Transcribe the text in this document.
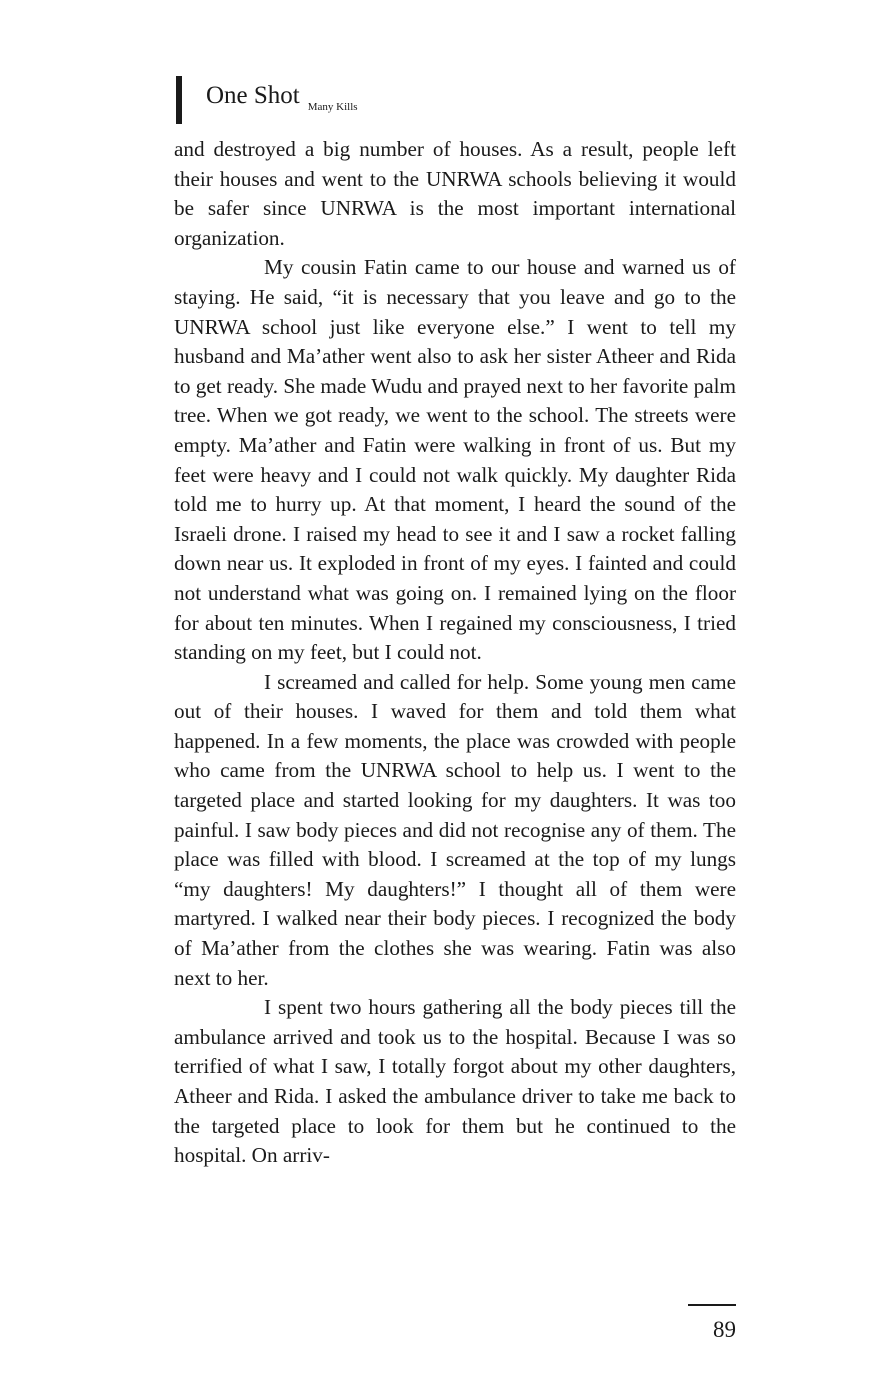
One Shot Many Kills

and destroyed a big number of houses. As a result, people left their houses and went to the UNRWA schools believing it would be safer since UNRWA is the most important international organization.

My cousin Fatin came to our house and warned us of staying. He said, “it is necessary that you leave and go to the UNRWA school just like everyone else.” I went to tell my husband and Ma’ather went also to ask her sister Atheer and Rida to get ready. She made Wudu and prayed next to her favorite palm tree. When we got ready, we went to the school. The streets were empty. Ma’ather and Fatin were walking in front of us. But my feet were heavy and I could not walk quickly. My daughter Rida told me to hurry up. At that moment, I heard the sound of the Israeli drone. I raised my head to see it and I saw a rocket falling down near us. It exploded in front of my eyes. I fainted and could not understand what was going on. I remained lying on the floor for about ten minutes. When I regained my consciousness, I tried standing on my feet, but I could not.

I screamed and called for help. Some young men came out of their houses. I waved for them and told them what happened. In a few moments, the place was crowded with people who came from the UNRWA school to help us. I went to the targeted place and started looking for my daughters. It was too painful. I saw body pieces and did not recognise any of them. The place was filled with blood. I screamed at the top of my lungs “my daughters! My daughters!” I thought all of them were martyred. I walked near their body pieces. I recognized the body of Ma’ather from the clothes she was wearing. Fatin was also next to her.

I spent two hours gathering all the body pieces till the ambulance arrived and took us to the hospital. Because I was so terrified of what I saw, I totally forgot about my other daughters, Atheer and Rida. I asked the ambulance driver to take me back to the targeted place to look for them but he continued to the hospital. On arriv-

89
